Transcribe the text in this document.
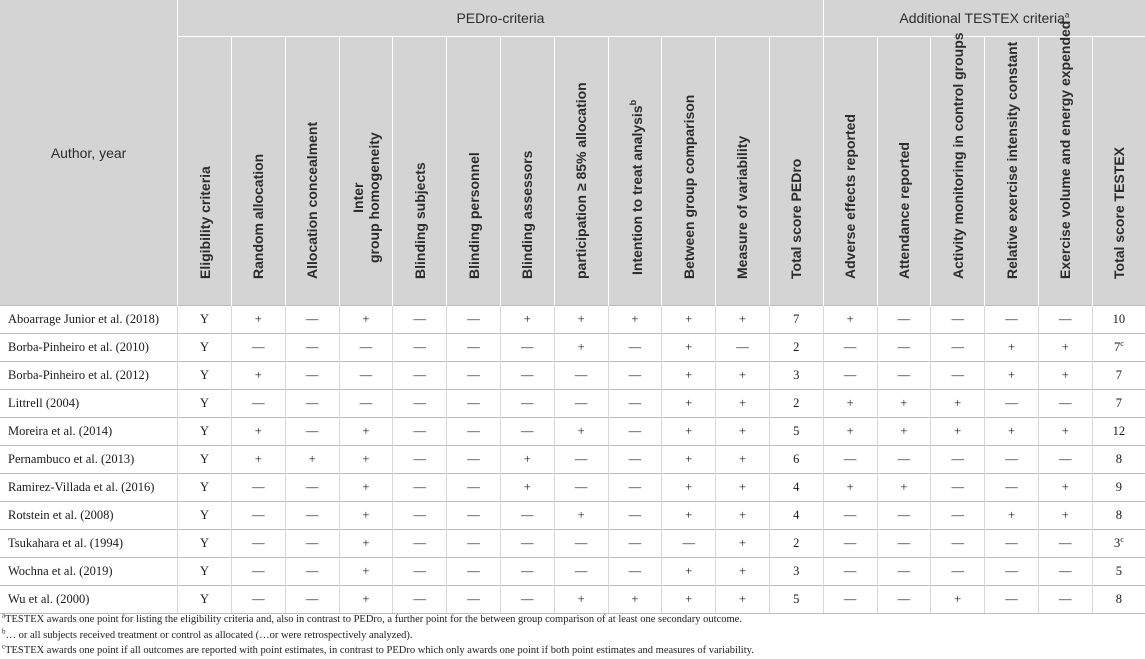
Author, year	PEDro-criteria												Additional TESTEX criteria$^a$

	Eligibility criteria	Random allocation	Allocation concealment	Inter
group homogeneity	Blinding subjects	Blinding personnel	Blinding assessors	participation ≥ 85% allocation	Intention to treat analysis$^b$	Between group comparison	Measure of variability	Total score PEDro	Adverse effects reported	Attendance reported	Activity monitoring in control groups	Relative exercise intensity constant	Exercise volume and energy expended	Total score TESTEX

Aboarrage Junior et al. (2018)	Y	+	—	+	—	—	+	+	+	+	+	7	+	—	—	—	—	10
Borba-Pinheiro et al. (2010)	Y	—	—	—	—	—	—	+	—	+	—	2	—	—	—	+	+	$7^c$
Borba-Pinheiro et al. (2012)	Y	+	—	—	—	—	—	—	—	+	+	3	—	—	—	+	+	7
Littrell (2004)	Y	—	—	—	—	—	—	—	—	+	+	2	+	+	+	—	—	7
Moreira et al. (2014)	Y	+	—	+	—	—	—	+	—	+	+	5	+	+	+	+	+	12
Pernambuco et al. (2013)	Y	+	+	+	—	—	+	—	—	+	+	6	—	—	—	—	—	8
Ramirez-Villada et al. (2016)	Y	—	—	+	—	—	+	—	—	+	+	4	+	+	—	—	+	9
Rotstein et al. (2008)	Y	—	—	+	—	—	—	+	—	+	+	4	—	—	—	+	+	8
Tsukahara et al. (1994)	Y	—	—	+	—	—	—	—	—	—	+	2	—	—	—	—	—	3$^c$
Wochna et al. (2019)	Y	—	—	+	—	—	—	—	—	+	+	3	—	—	—	—	—	5
Wu et al. (2000)	Y	—	—	+	—	—	—	+	+	+	+	5	—	—	+	—	—	8
$^a$TESTEX awards one point for listing the eligibility criteria and, also in contrast to PEDro, a further point for the between group comparison of at least one secondary outcome.
$^b$… or all subjects received treatment or control as allocated (…or were retrospectively analyzed).
$^c$TESTEX awards one point if all outcomes are reported with point estimates, in contrast to PEDro which only awards one point if both point estimates and measures of variability.
